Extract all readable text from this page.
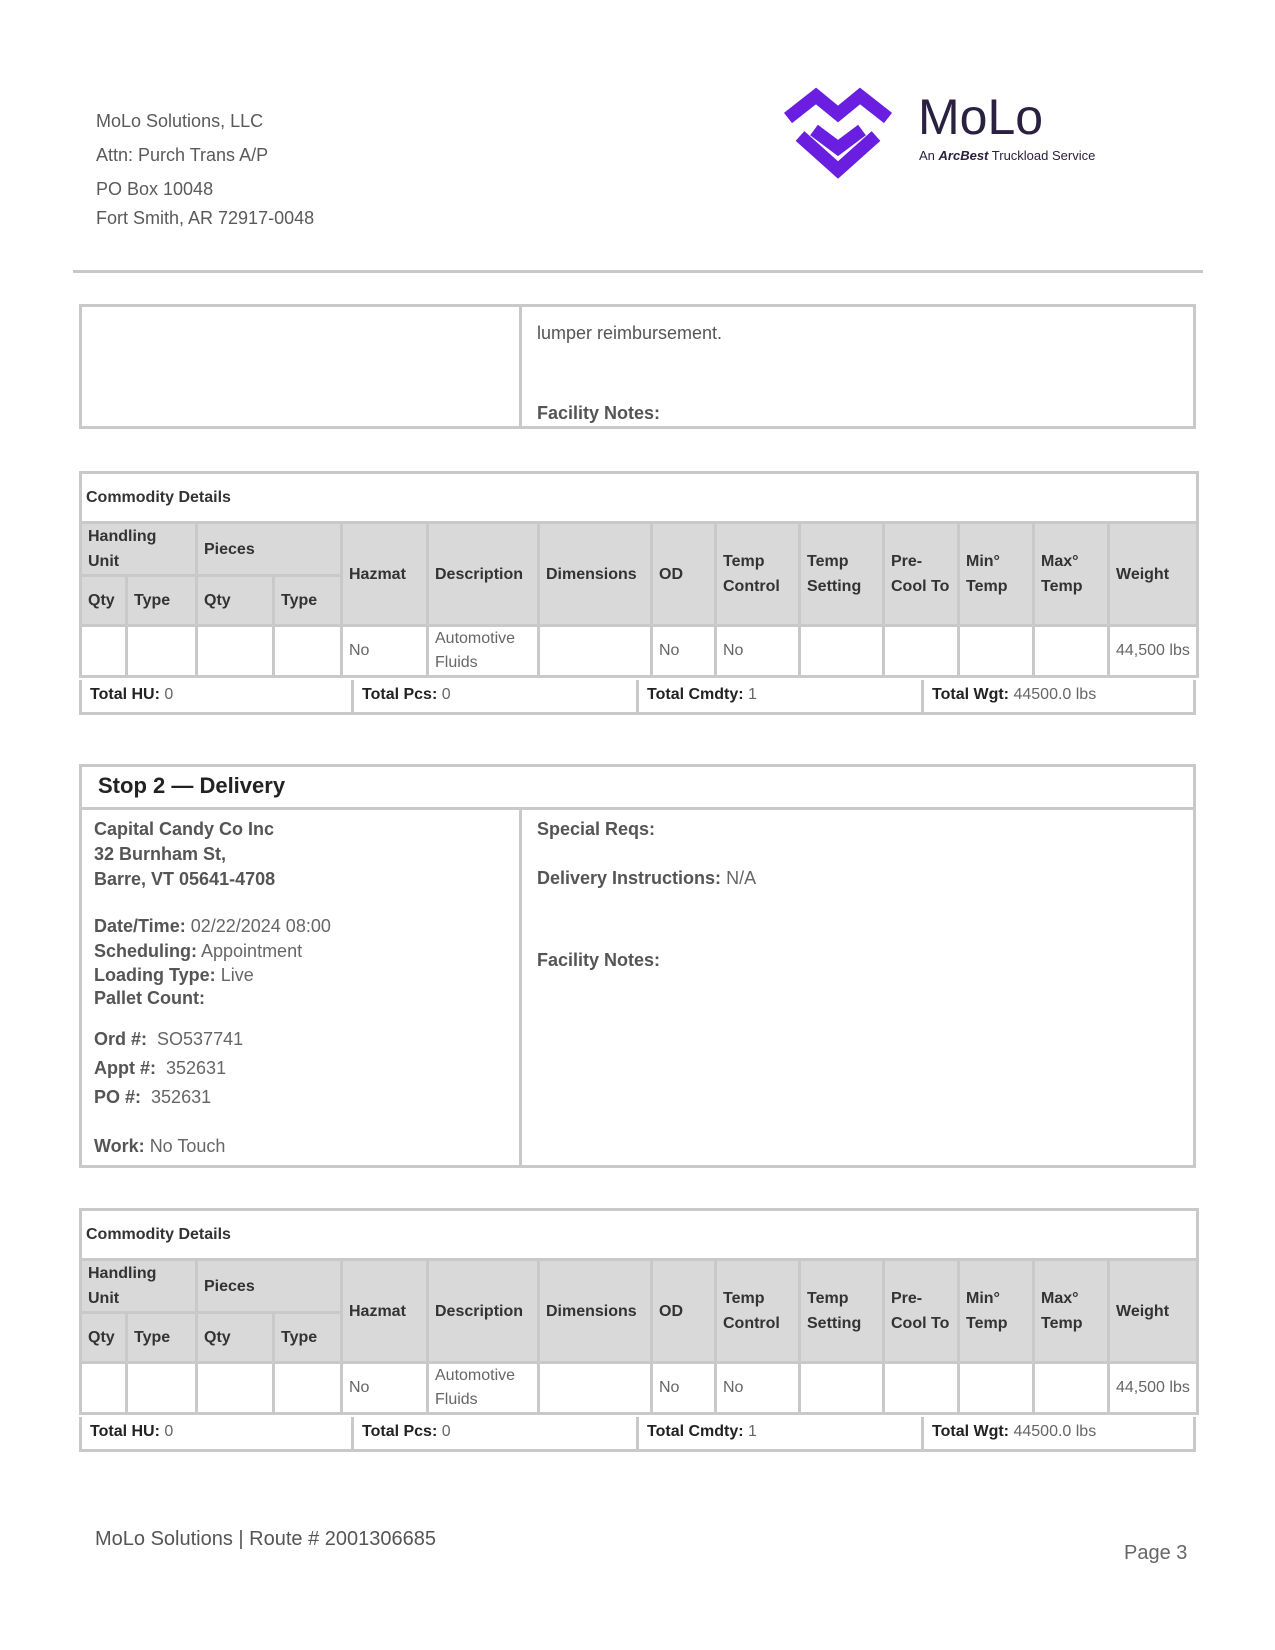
MoLo Solutions, LLC
Attn: Purch Trans A/P
PO Box 10048
Fort Smith, AR 72917-0048
MoLo
An ArcBest Truckload Service
lumper reimbursement.
Facility Notes:
Commodity Details													
Handling Unit		Pieces		Hazmat	Description	Dimensions	OD	Temp Control	Temp Setting	Pre-Cool To	Min° Temp	Max° Temp	Weight
Qty	Type	Qty	Type										
				No	Automotive Fluids		No	No					44,500 lbs
Total HU: 0	Total Pcs: 0	Total Cmdty: 1	Total Wgt: 44500.0 lbs
Stop 2 — Delivery
Capital Candy Co Inc
32 Burnham St,
Barre, VT 05641-4708
Date/Time: 02/22/2024 08:00
Scheduling: Appointment
Loading Type: Live
Pallet Count:
Ord #: SO537741
Appt #: 352631
PO #: 352631
Work: No Touch
Special Reqs:
Delivery Instructions: N/A
Facility Notes:
Commodity Details													
Handling Unit		Pieces		Hazmat	Description	Dimensions	OD	Temp Control	Temp Setting	Pre-Cool To	Min° Temp	Max° Temp	Weight
Qty	Type	Qty	Type										
				No	Automotive Fluids		No	No					44,500 lbs
Total HU: 0	Total Pcs: 0	Total Cmdty: 1	Total Wgt: 44500.0 lbs
MoLo Solutions | Route # 2001306685
Page 3
